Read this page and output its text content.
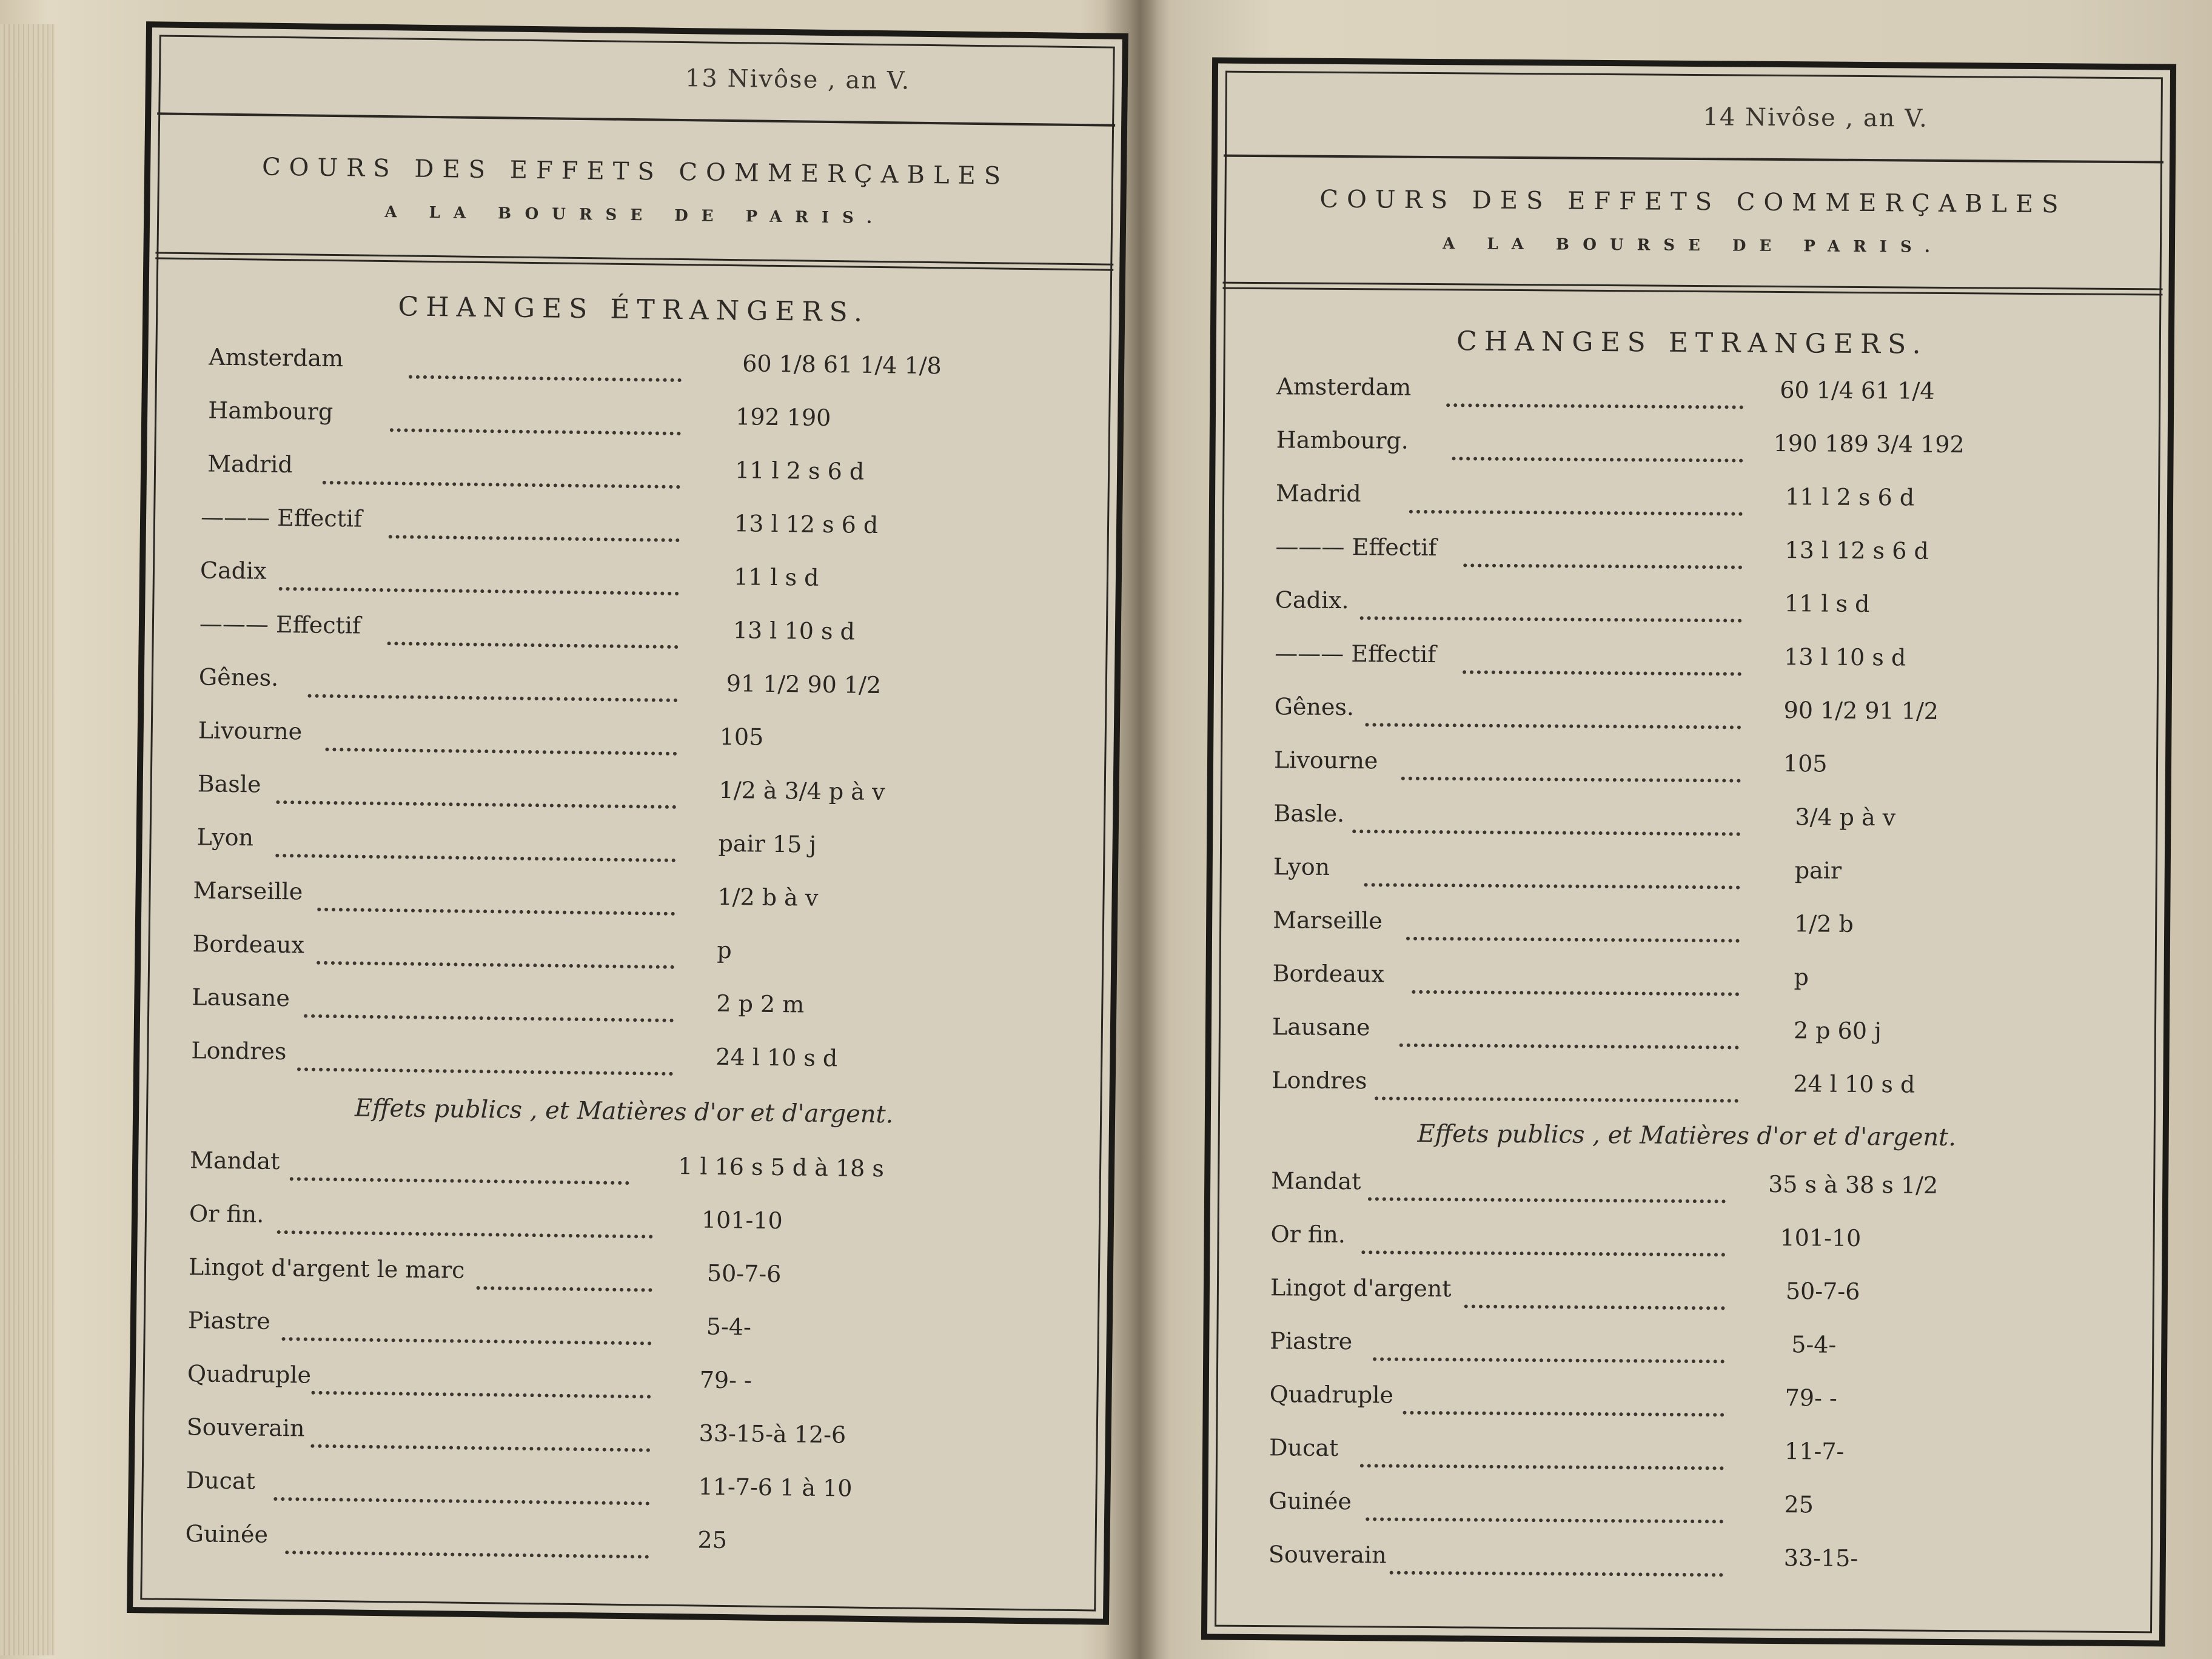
13 Nivôse , an V.
COURS DES EFFETS COMMERÇABLES
A LA BOURSE DE PARIS.
CHANGES ÉTRANGERS.
Amsterdam	60 1/8 61 1/4 1/8
Hambourg	192 190
Madrid	11 l 2 s 6 d
——— Effectif	13 l 12 s 6 d
Cadix	11 l s d
——— Effectif	13 l 10 s d
Gênes.	91 1/2 90 1/2
Livourne	105
Basle	1/2 à 3/4 p à v
Lyon	pair 15 j
Marseille	1/2 b à v
Bordeaux	p
Lausane	2 p 2 m
Londres	24 l 10 s d
Effets publics , et Matières d'or et d'argent.
Mandat	1 l 16 s 5 d à 18 s
Or fin.	101-10
Lingot d'argent le marc	50-7-6
Piastre	5-4-
Quadruple	79- -
Souverain	33-15-à 12-6
Ducat	11-7-6 1 à 10
Guinée	25
14 Nivôse , an V.
COURS DES EFFETS COMMERÇABLES
A LA BOURSE DE PARIS.
CHANGES ETRANGERS.
Amsterdam	60 1/4 61 1/4
Hambourg.	190 189 3/4 192
Madrid	11 l 2 s 6 d
——— Effectif	13 l 12 s 6 d
Cadix.	11 l s d
——— Effectif	13 l 10 s d
Gênes.	90 1/2 91 1/2
Livourne	105
Basle.	3/4 p à v
Lyon	pair
Marseille	1/2 b
Bordeaux	p
Lausane	2 p 60 j
Londres	24 l 10 s d
Effets publics , et Matières d'or et d'argent.
Mandat	35 s à 38 s 1/2
Or fin.	101-10
Lingot d'argent	50-7-6
Piastre	5-4-
Quadruple	79- -
Ducat	11-7-
Guinée	25
Souverain	33-15-
